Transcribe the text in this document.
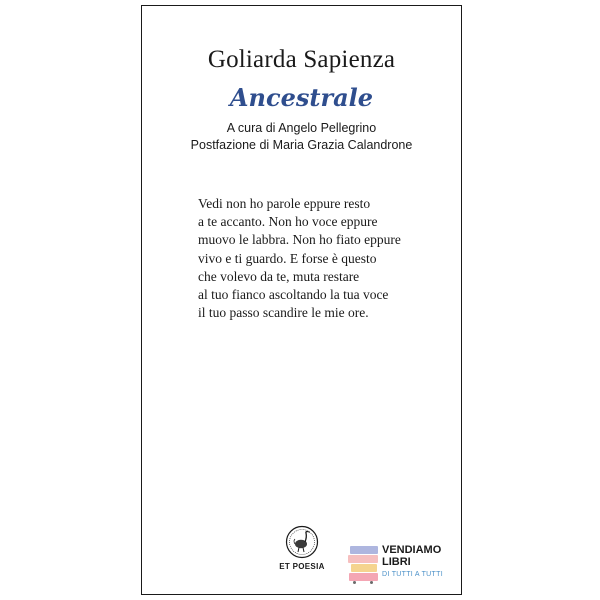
Goliarda Sapienza
Ancestrale
A cura di Angelo Pellegrino
Postfazione di Maria Grazia Calandrone
Vedi non ho parole eppure resto
a te accanto. Non ho voce eppure
muovo le labbra. Non ho fiato eppure
vivo e ti guardo. E forse è questo
che volevo da te, muta restare
al tuo fianco ascoltando la tua voce
il tuo passo scandire le mie ore.
ET POESIA
VENDIAMO
LIBRI
DI TUTTI A TUTTI
